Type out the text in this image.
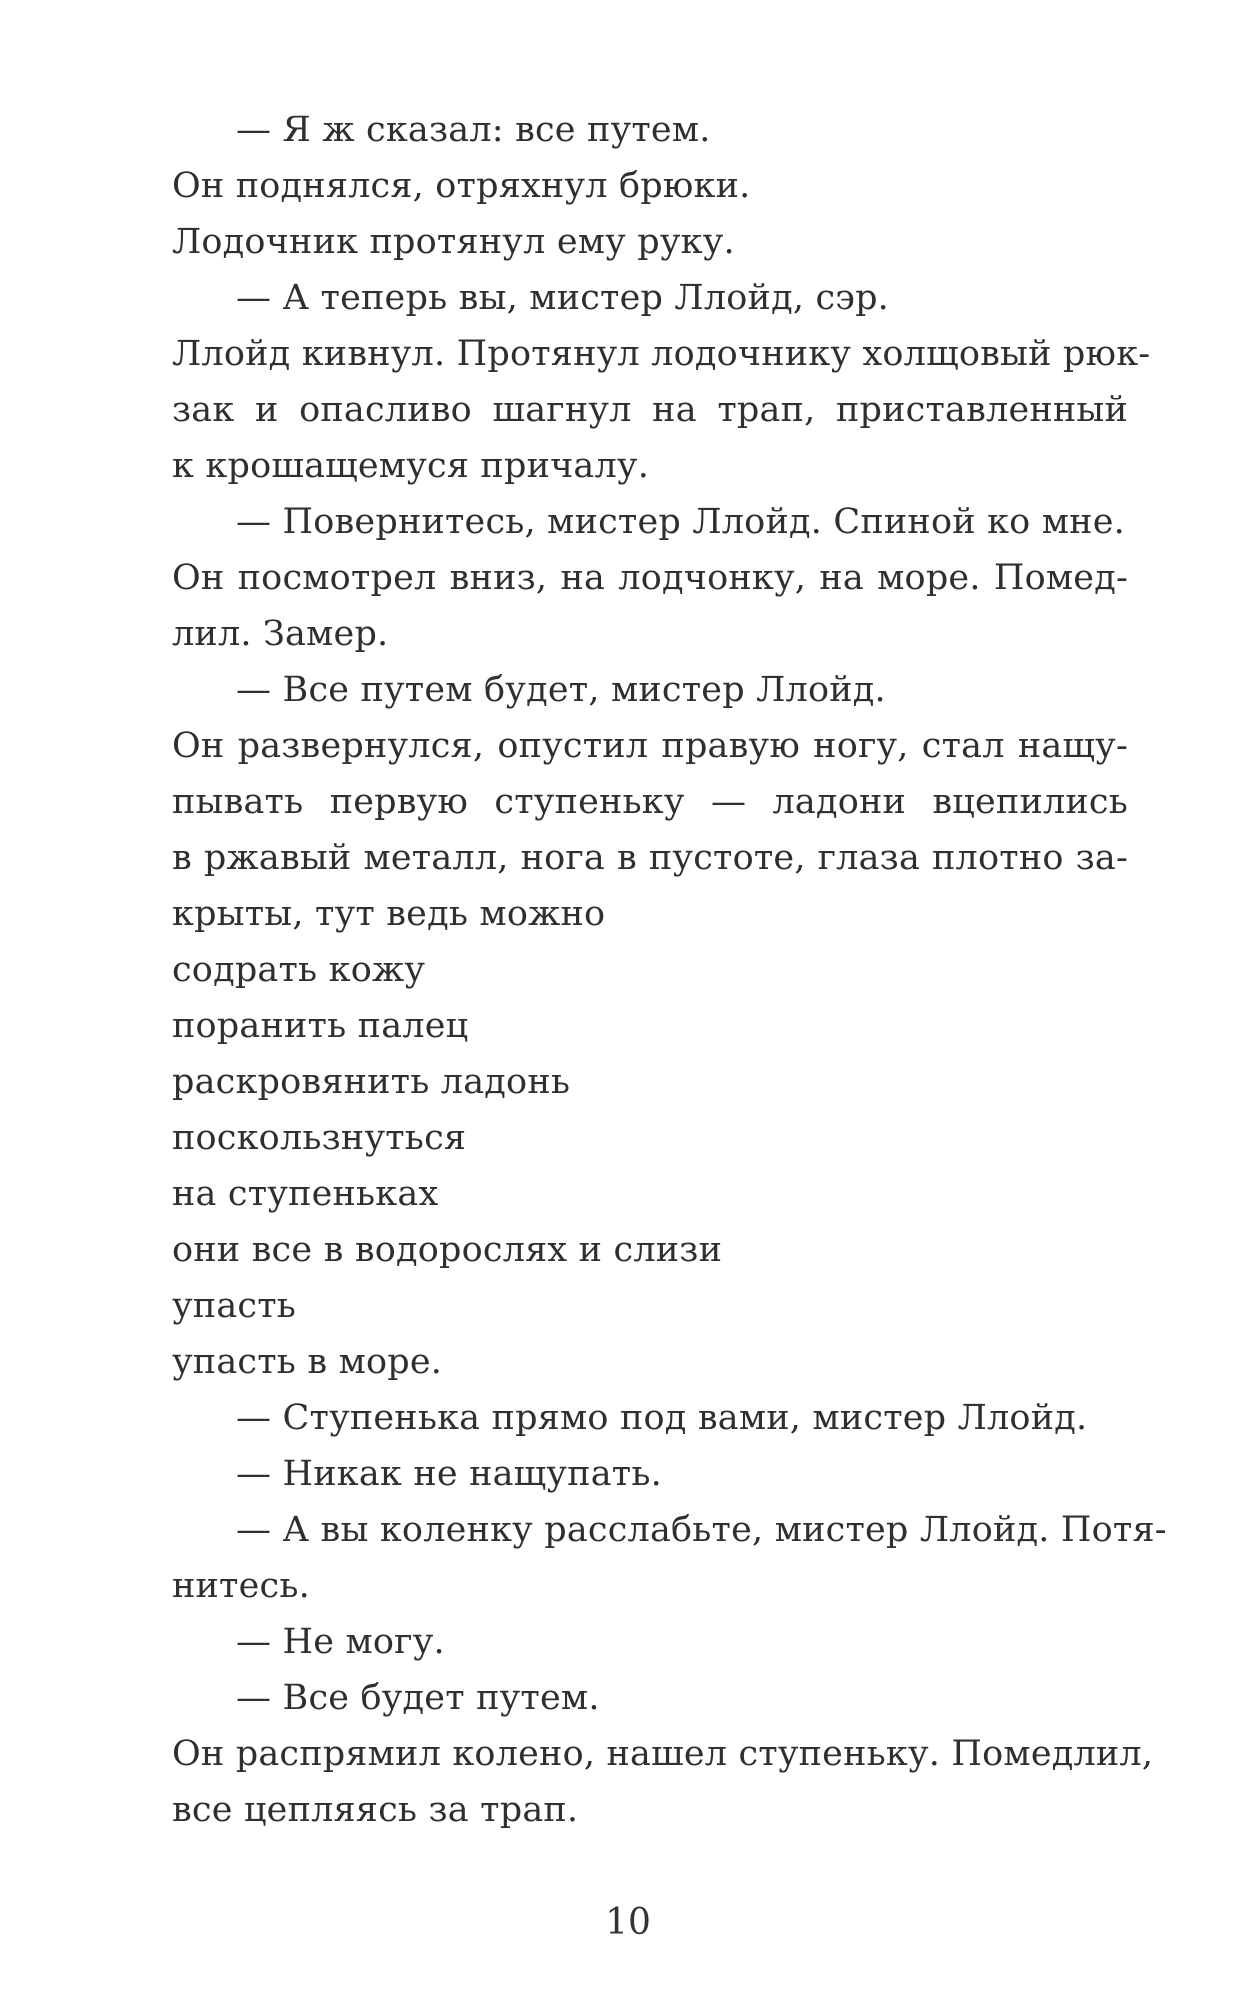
— Я ж сказал: все путем.
Он поднялся, отряхнул брюки.
Лодочник протянул ему руку.
— А теперь вы, мистер Ллойд, сэр.
Ллойд кивнул. Протянул лодочнику холщовый рюк-
зак и опасливо шагнул на трап, приставленный
к крошащемуся причалу.
— Повернитесь, мистер Ллойд. Спиной ко мне.
Он посмотрел вниз, на лодчонку, на море. Помед-
лил. Замер.
— Все путем будет, мистер Ллойд.
Он развернулся, опустил правую ногу, стал нащу-
пывать первую ступеньку — ладони вцепились
в ржавый металл, нога в пустоте, глаза плотно за-
крыты, тут ведь можно
содрать кожу
поранить палец
раскровянить ладонь
поскользнуться
на ступеньках
они все в водорослях и слизи
упасть
упасть в море.
— Ступенька прямо под вами, мистер Ллойд.
— Никак не нащупать.
— А вы коленку расслабьте, мистер Ллойд. Потя-
нитесь.
— Не могу.
— Все будет путем.
Он распрямил колено, нашел ступеньку. Помедлил,
все цепляясь за трап.
10
